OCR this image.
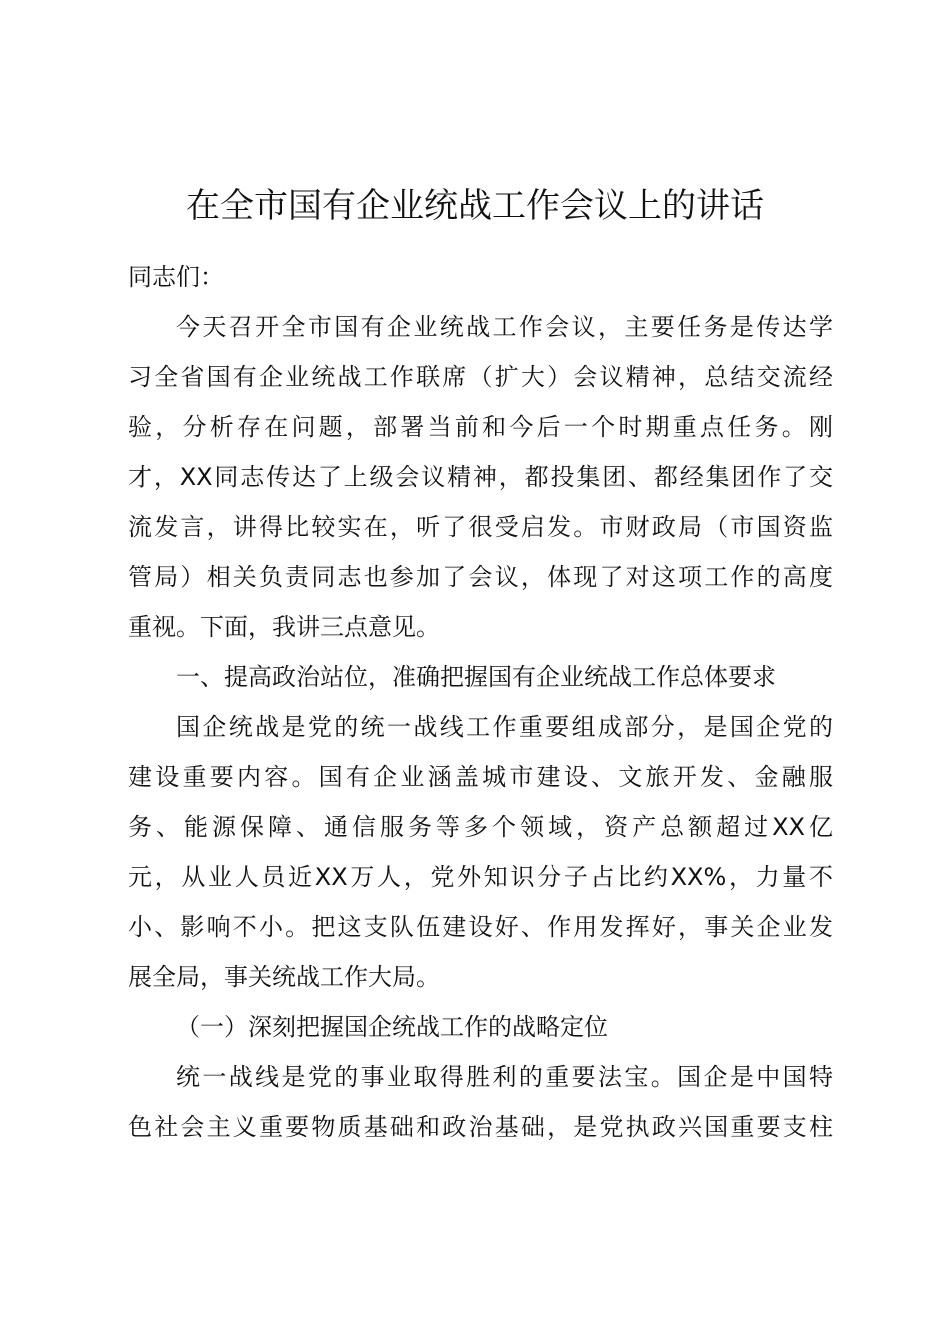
在全市国有企业统战工作会议上的讲话
同志们：
今天召开全市国有企业统战工作会议，主要任务是传达学
习全省国有企业统战工作联席（扩大）会议精神，总结交流经
验，分析存在问题，部署当前和今后一个时期重点任务。刚
才，XX同志传达了上级会议精神，都投集团、都经集团作了交
流发言，讲得比较实在，听了很受启发。市财政局（市国资监
管局）相关负责同志也参加了会议，体现了对这项工作的高度
重视。下面，我讲三点意见。
一、提高政治站位，准确把握国有企业统战工作总体要求
国企统战是党的统一战线工作重要组成部分，是国企党的
建设重要内容。国有企业涵盖城市建设、文旅开发、金融服
务、能源保障、通信服务等多个领域，资产总额超过XX亿
元，从业人员近XX万人，党外知识分子占比约XX%，力量不
小、影响不小。把这支队伍建设好、作用发挥好，事关企业发
展全局，事关统战工作大局。
（一）深刻把握国企统战工作的战略定位
统一战线是党的事业取得胜利的重要法宝。国企是中国特
色社会主义重要物质基础和政治基础，是党执政兴国重要支柱
